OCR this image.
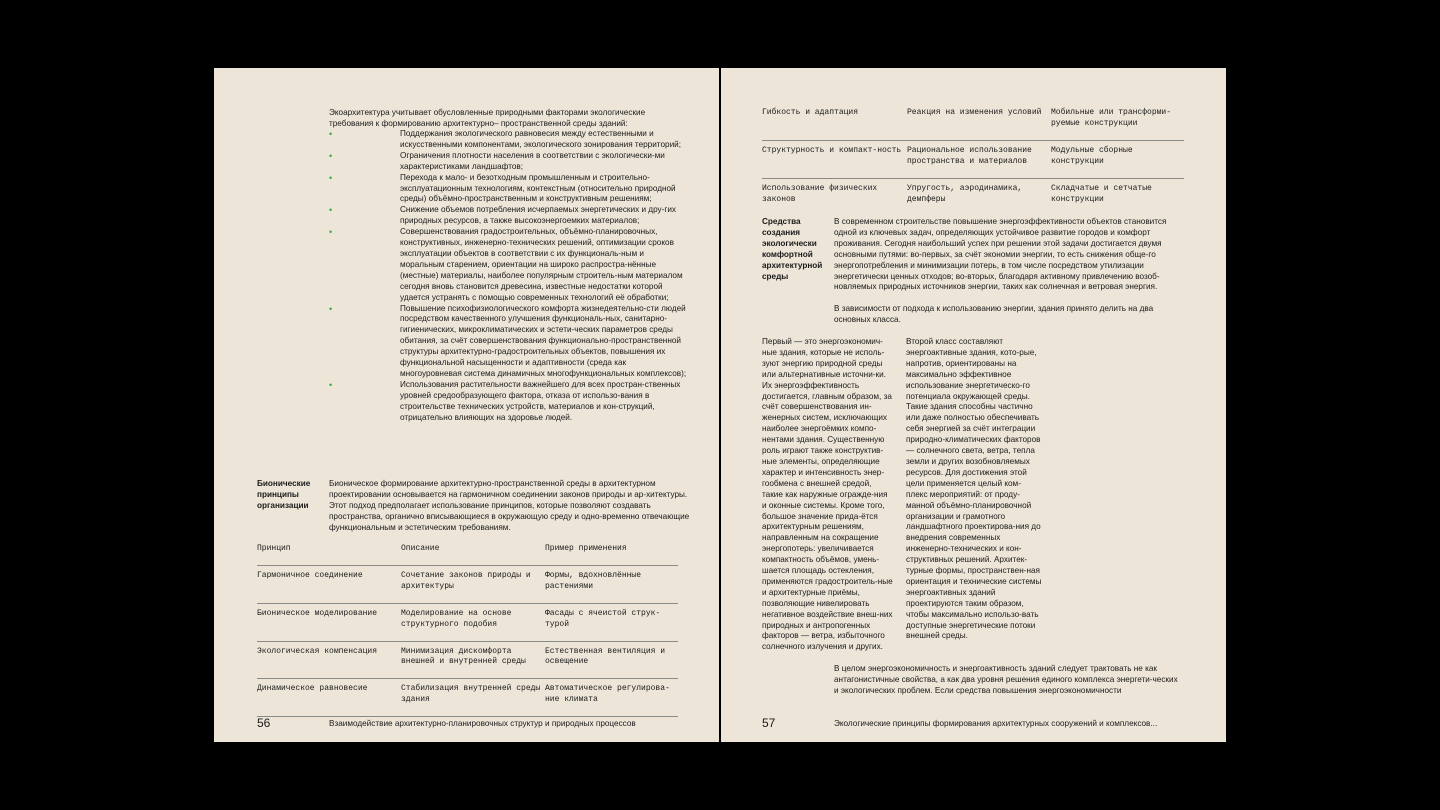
Экоархитектура учитывает обусловленные природными факторами экологические требования к формированию архитектурно– пространственной среды зданий:
•	Поддержания экологического равновесия между естественными и искусственными компонентами, экологического зонирования территорий;
•	Ограничения плотности населения в соответствии с экологически-ми характеристиками ландшафтов;
•	Перехода к мало- и безотходным промышленным и строительно-эксплуатационным технологиям, контекстным (относительно природной среды) объёмно-пространственным и конструктивным решениям;
•	Снижение объемов потребления исчерпаемых энергетических и дру-гих природных ресурсов, а также высокоэнергоемких материалов;
•	Совершенствования градостроительных, объёмно-планировочных, конструктивных, инженерно-технических решений, оптимизации сроков эксплуатации объектов в соответствии с их функциональ-ным и моральным старением, ориентации на широко распростра-нённые (местные) материалы, наиболее популярным строитель-ным материалом сегодня вновь становится древесина, известные недостатки которой удается устранять с помощью современных технологий её обработки;
•	Повышение психофизиологического комфорта жизнедеятельно-сти людей посредством качественного улучшения функциональ-ных, санитарно-гигиенических, микроклиматических и эстети-ческих параметров среды обитания, за счёт совершенствования функционально-пространственной структуры архитектурно-градостроительных объектов, повышения их функциональной насыщенности и адаптивности (среда как многоуровневая система динамичных многофункциональных комплексов);
•	Использования растительности важнейшего для всех простран-ственных уровней средообразующего фактора, отказа от использо-вания в строительстве технических устройств, материалов и кон-струкций, отрицательно влияющих на здоровье людей.
Бионические принципы организации
Бионическое формирование архитектурно-пространственной среды в архитектурном проектировании основывается на гармоничном соединении законов природы и ар-хитектуры. Этот подход предполагает использование принципов, которые позволяют создавать пространства, органично вписывающиеся в окружающую среду и одно-временно отвечающие функциональным и эстетическим требованиям.
Принцип	Описание	Пример применения
Гармоничное соединение	Сочетание законов природы и архитектуры	Формы, вдохновлённые растениями
Бионическое моделирование	Моделирование на основе структурного подобия	Фасады с ячеистой струк-турой
Экологическая компенсация	Минимизация дискомфорта внешней и внутренней среды	Естественная вентиляция и освещение
Динамическое равновесие	Стабилизация внутренней среды здания	Автоматическое регулирова-ние климата
56	Взаимодействие архитектурно-планировочных структур и природных процессов
Гибкость и адаптация	Реакция на изменения условий	Мобильные или трансформи-руемые конструкции
Структурность и компакт-ность	Рациональное использование пространства и материалов	Модульные сборные конструкции
Использование физических законов	Упругость, аэродинамика, демпферы	Складчатые и сетчатые конструкции
Средства создания экологически комфортной архитектурной среды
В современном строительстве повышение энергоэффективности объектов становится одной из ключевых задач, определяющих устойчивое развитие городов и комфорт проживания. Сегодня наибольший успех при решении этой задачи достигается двумя основными путями: во-первых, за счёт экономии энергии, то есть снижения обще-го энергопотребления и минимизации потерь, в том числе посредством утилизации энергетически ценных отходов; во-вторых, благодаря активному привлечению возоб-новляемых природных источников энергии, таких как солнечная и ветровая энергия.
В зависимости от подхода к использованию энергии, здания принято делить на два основных класса.
Первый — это энергоэкономич-ные здания, которые не исполь-зуют энергию природной среды или альтернативные источни-ки. Их энергоэффективность достигается, главным образом, за счёт совершенствования ин-женерных систем, исключающих наиболее энергоёмких компо-нентами здания. Существенную роль играют также конструктив-ные элементы, определяющие характер и интенсивность энер-гообмена с внешней средой, такие как наружные огражде-ния и оконные системы. Кроме того, большое значение прида-ётся архитектурным решениям, направленным на сокращение энергопотерь: увеличивается компактность объёмов, умень-шается площадь остекления, применяются градостроитель-ные и архитектурные приёмы, позволяющие нивелировать негативное воздействие внеш-них природных и антропогенных факторов — ветра, избыточного солнечного излучения и других.
Второй класс составляют энергоактивные здания, кото-рые, напротив, ориентированы на максимально эффективное использование энергетическо-го потенциала окружающей среды. Такие здания способны частично или даже полностью обеспечивать себя энергией за счёт интеграции природно-климатических факторов — солнечного света, ветра, тепла земли и других возобновляемых ресурсов. Для достижения этой цели применяется целый ком-плекс мероприятий: от проду-манной объёмно-планировочной организации и грамотного ландшафтного проектирова-ния до внедрения современных инженерно-технических и кон-структивных решений. Архитек-турные формы, пространствен-ная ориентация и технические системы энергоактивных зданий проектируются таким образом, чтобы максимально использо-вать доступные энергетические потоки внешней среды.
В целом энергоэкономичность и энергоактивность зданий следует трактовать не как антагонистичные свойства, а как два уровня решения единого комплекса энергети-ческих и экологических проблем. Если средства повышения энергоэкономичности
57	Экологические принципы формирования архитектурных сооружений и комплексов...
